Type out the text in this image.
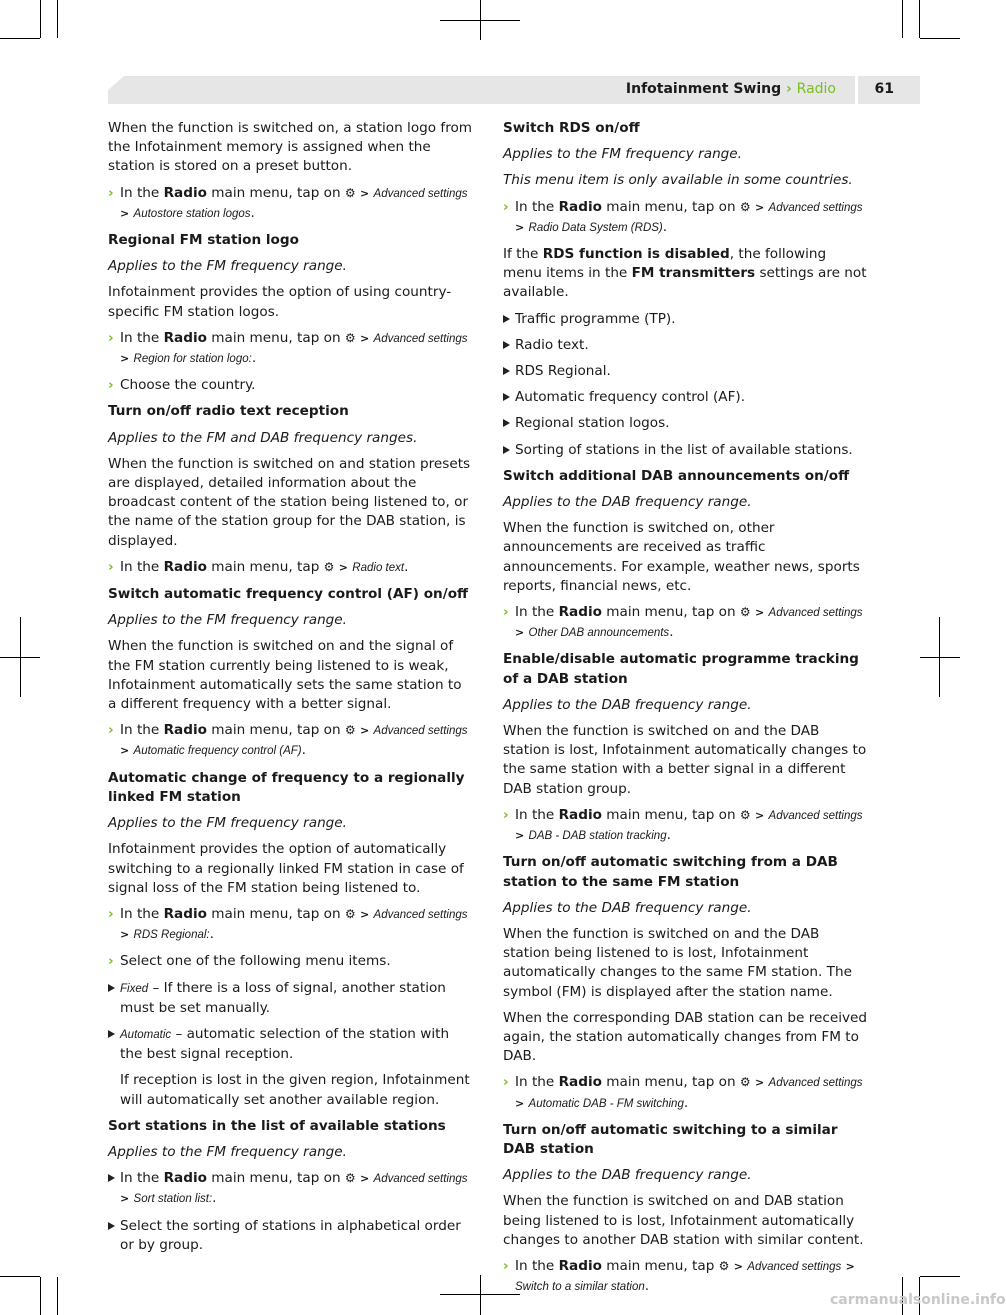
Infotainment Swing › Radio	61

When the function is switched on, a station logo from the Infotainment memory is assigned when the station is stored on a preset button.

› In the Radio main menu, tap on ⚙ > Advanced settings > Autostore station logos.

Regional FM station logo

Applies to the FM frequency range.

Infotainment provides the option of using country-specific FM station logos.

› In the Radio main menu, tap on ⚙ > Advanced settings > Region for station logo:.
› Choose the country.

Turn on/off radio text reception

Applies to the FM and DAB frequency ranges.

When the function is switched on and station presets are displayed, detailed information about the broadcast content of the station being listened to, or the name of the station group for the DAB station, is displayed.

› In the Radio main menu, tap ⚙ > Radio text.

Switch automatic frequency control (AF) on/off

Applies to the FM frequency range.

When the function is switched on and the signal of the FM station currently being listened to is weak, Infotainment automatically sets the same station to a different frequency with a better signal.

› In the Radio main menu, tap on ⚙ > Advanced settings > Automatic frequency control (AF).

Automatic change of frequency to a regionally linked FM station

Applies to the FM frequency range.

Infotainment provides the option of automatically switching to a regionally linked FM station in case of signal loss of the FM station being listened to.

› In the Radio main menu, tap on ⚙ > Advanced settings > RDS Regional:.
› Select one of the following menu items.
Fixed – If there is a loss of signal, another station must be set manually.
Automatic – automatic selection of the station with the best signal reception.

If reception is lost in the given region, Infotainment will automatically set another available region.

Sort stations in the list of available stations

Applies to the FM frequency range.

In the Radio main menu, tap on ⚙ > Advanced settings > Sort station list:.
Select the sorting of stations in alphabetical order or by group.

Switch RDS on/off

Applies to the FM frequency range.

This menu item is only available in some countries.

› In the Radio main menu, tap on ⚙ > Advanced settings > Radio Data System (RDS).

If the RDS function is disabled, the following menu items in the FM transmitters settings are not available.

Traffic programme (TP).
Radio text.
RDS Regional.
Automatic frequency control (AF).
Regional station logos.
Sorting of stations in the list of available stations.

Switch additional DAB announcements on/off

Applies to the DAB frequency range.

When the function is switched on, other announcements are received as traffic announcements. For example, weather news, sports reports, financial news, etc.

› In the Radio main menu, tap on ⚙ > Advanced settings > Other DAB announcements.

Enable/disable automatic programme tracking of a DAB station

Applies to the DAB frequency range.

When the function is switched on and the DAB station is lost, Infotainment automatically changes to the same station with a better signal in a different DAB station group.

› In the Radio main menu, tap on ⚙ > Advanced settings > DAB - DAB station tracking.

Turn on/off automatic switching from a DAB station to the same FM station

Applies to the DAB frequency range.

When the function is switched on and the DAB station being listened to is lost, Infotainment automatically changes to the same FM station. The symbol (FM) is displayed after the station name.

When the corresponding DAB station can be received again, the station automatically changes from FM to DAB.

› In the Radio main menu, tap on ⚙ > Advanced settings > Automatic DAB - FM switching.

Turn on/off automatic switching to a similar DAB station

Applies to the DAB frequency range.

When the function is switched on and DAB station being listened to is lost, Infotainment automatically changes to another DAB station with similar content.

› In the Radio main menu, tap ⚙ > Advanced settings > Switch to a similar station.
carmanualsonline.info
